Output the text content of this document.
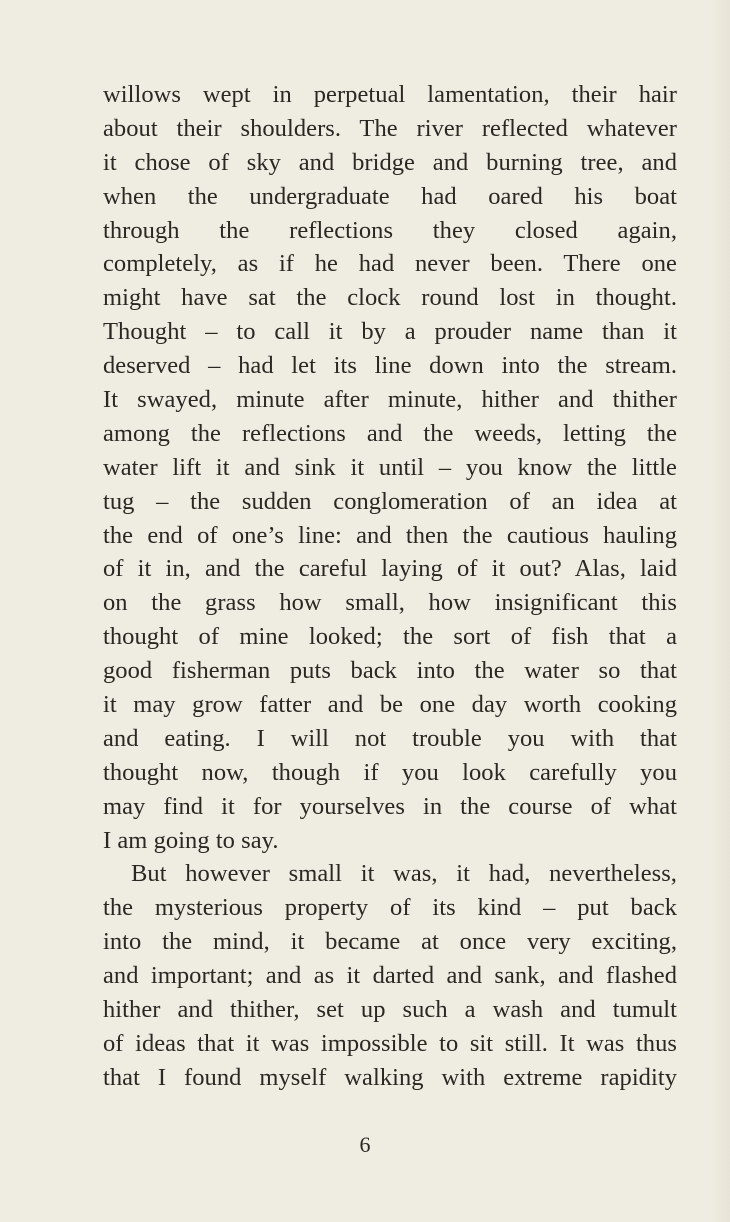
willows wept in perpetual lamentation, their hair
about their shoulders. The river reflected whatever
it chose of sky and bridge and burning tree, and
when the undergraduate had oared his boat
through the reflections they closed again,
completely, as if he had never been. There one
might have sat the clock round lost in thought.
Thought – to call it by a prouder name than it
deserved – had let its line down into the stream.
It swayed, minute after minute, hither and thither
among the reflections and the weeds, letting the
water lift it and sink it until – you know the little
tug – the sudden conglomeration of an idea at
the end of one’s line: and then the cautious hauling
of it in, and the careful laying of it out? Alas, laid
on the grass how small, how insignificant this
thought of mine looked; the sort of fish that a
good fisherman puts back into the water so that
it may grow fatter and be one day worth cooking
and eating. I will not trouble you with that
thought now, though if you look carefully you
may find it for yourselves in the course of what
I am going to say.
But however small it was, it had, nevertheless,
the mysterious property of its kind – put back
into the mind, it became at once very exciting,
and important; and as it darted and sank, and flashed
hither and thither, set up such a wash and tumult
of ideas that it was impossible to sit still. It was thus
that I found myself walking with extreme rapidity
6
